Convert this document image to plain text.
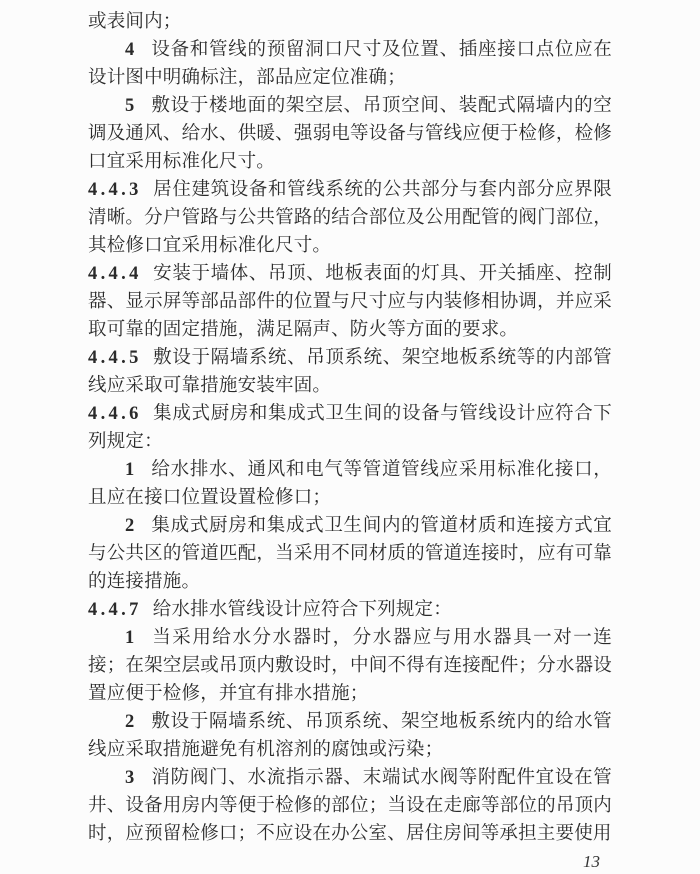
或表间内；

4 设备和管线的预留洞口尺寸及位置、插座接口点位应在设计图中明确标注，部品应定位准确；

5 敷设于楼地面的架空层、吊顶空间、装配式隔墙内的空调及通风、给水、供暖、强弱电等设备与管线应便于检修，检修口宜采用标准化尺寸。

4.4.3 居住建筑设备和管线系统的公共部分与套内部分应界限清晰。分户管路与公共管路的结合部位及公用配管的阀门部位，其检修口宜采用标准化尺寸。

4.4.4 安装于墙体、吊顶、地板表面的灯具、开关插座、控制器、显示屏等部品部件的位置与尺寸应与内装修相协调，并应采取可靠的固定措施，满足隔声、防火等方面的要求。

4.4.5 敷设于隔墙系统、吊顶系统、架空地板系统等的内部管线应采取可靠措施安装牢固。

4.4.6 集成式厨房和集成式卫生间的设备与管线设计应符合下列规定：

1 给水排水、通风和电气等管道管线应采用标准化接口，且应在接口位置设置检修口；

2 集成式厨房和集成式卫生间内的管道材质和连接方式宜与公共区的管道匹配，当采用不同材质的管道连接时，应有可靠的连接措施。

4.4.7 给水排水管线设计应符合下列规定：

1 当采用给水分水器时，分水器应与用水器具一对一连接；在架空层或吊顶内敷设时，中间不得有连接配件；分水器设置应便于检修，并宜有排水措施；

2 敷设于隔墙系统、吊顶系统、架空地板系统内的给水管线应采取措施避免有机溶剂的腐蚀或污染；

3 消防阀门、水流指示器、末端试水阀等附配件宜设在管井、设备用房内等便于检修的部位；当设在走廊等部位的吊顶内时，应预留检修口；不应设在办公室、居住房间等承担主要使用

13
